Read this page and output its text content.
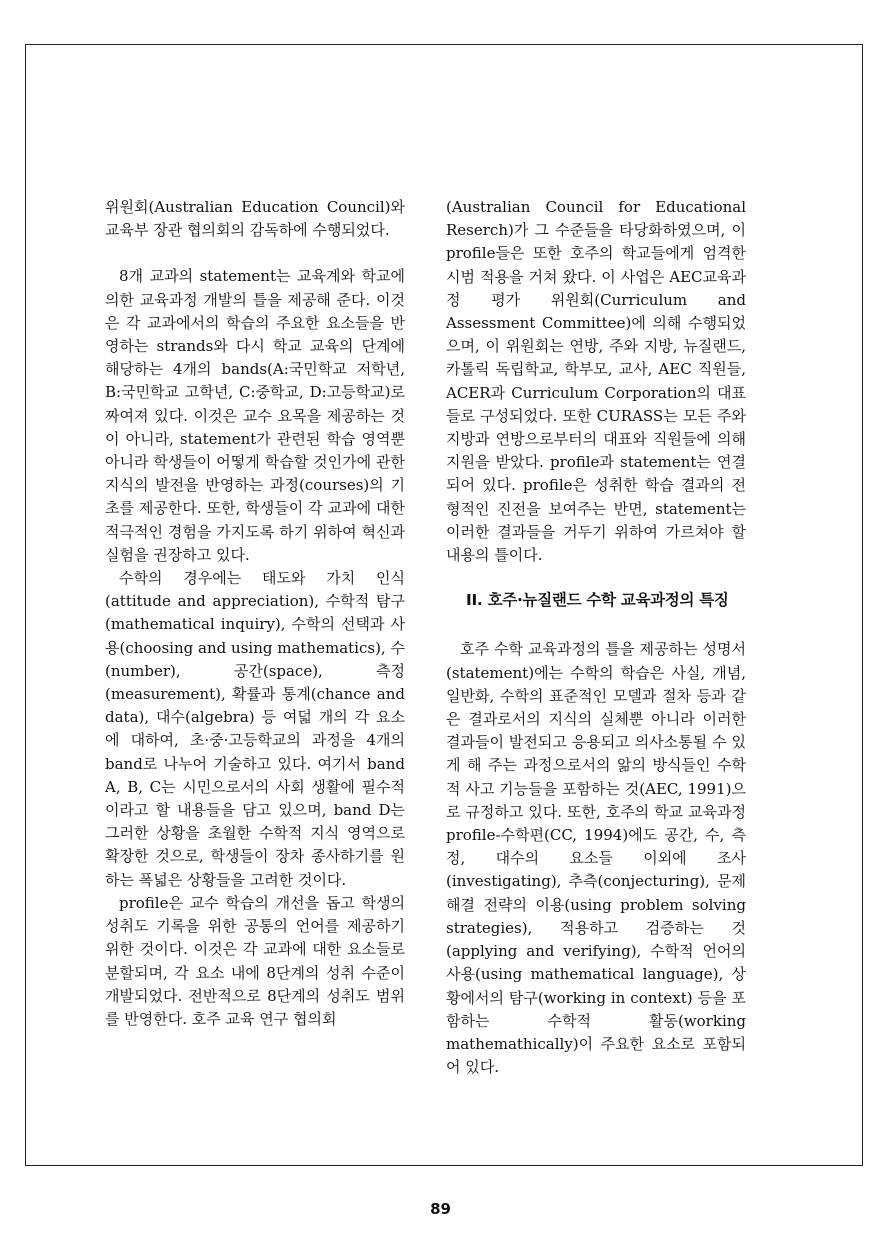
위원회(Australian Education Council)와 교육부 장관 협의회의 감독하에 수행되었다.

8개 교과의 statement는 교육계와 학교에 의한 교육과정 개발의 틀을 제공해 준다. 이것은 각 교과에서의 학습의 주요한 요소들을 반영하는 strands와 다시 학교 교육의 단계에 해당하는 4개의 bands(A:국민학교 저학년, B:국민학교 고학년, C:중학교, D:고등학교)로 짜여져 있다. 이것은 교수 요목을 제공하는 것이 아니라, statement가 관련된 학습 영역뿐 아니라 학생들이 어떻게 학습할 것인가에 관한 지식의 발전을 반영하는 과정(courses)의 기초를 제공한다. 또한, 학생들이 각 교과에 대한 적극적인 경험을 가지도록 하기 위하여 혁신과 실험을 권장하고 있다.

수학의 경우에는 태도와 가치 인식(attitude and appreciation), 수학적 탐구(mathematical inquiry), 수학의 선택과 사용(choosing and using mathematics), 수(number), 공간(space), 측정(measurement), 확률과 통계(chance and data), 대수(algebra) 등 여덟 개의 각 요소에 대하여, 초·중·고등학교의 과정을 4개의 band로 나누어 기술하고 있다. 여기서 band A, B, C는 시민으로서의 사회 생활에 필수적이라고 할 내용들을 담고 있으며, band D는 그러한 상황을 초월한 수학적 지식 영역으로 확장한 것으로, 학생들이 장차 종사하기를 원하는 폭넓은 상황들을 고려한 것이다.

profile은 교수 학습의 개선을 돕고 학생의 성취도 기록을 위한 공통의 언어를 제공하기 위한 것이다. 이것은 각 교과에 대한 요소들로 분할되며, 각 요소 내에 8단계의 성취 수준이 개발되었다. 전반적으로 8단계의 성취도 범위를 반영한다. 호주 교육 연구 협의회

(Australian Council for Educational Reserch)가 그 수준들을 타당화하였으며, 이 profile들은 또한 호주의 학교들에게 엄격한 시범 적용을 거쳐 왔다. 이 사업은 AEC교육과정 평가 위원회(Curriculum and Assessment Committee)에 의해 수행되었으며, 이 위원회는 연방, 주와 지방, 뉴질랜드, 카톨릭 독립학교, 학부모, 교사, AEC 직원들, ACER과 Curriculum Corporation의 대표들로 구성되었다. 또한 CURASS는 모든 주와 지방과 연방으로부터의 대표와 직원들에 의해 지원을 받았다. profile과 statement는 연결되어 있다. profile은 성취한 학습 결과의 전형적인 진전을 보여주는 반면, statement는 이러한 결과들을 거두기 위하여 가르쳐야 할 내용의 틀이다.

II. 호주·뉴질랜드 수학 교육과정의 특징

호주 수학 교육과정의 틀을 제공하는 성명서(statement)에는 수학의 학습은 사실, 개념, 일반화, 수학의 표준적인 모델과 절차 등과 같은 결과로서의 지식의 실체뿐 아니라 이러한 결과들이 발전되고 응용되고 의사소통될 수 있게 해 주는 과정으로서의 앎의 방식들인 수학적 사고 기능들을 포함하는 것(AEC, 1991)으로 규정하고 있다. 또한, 호주의 학교 교육과정 profile-수학편(CC, 1994)에도 공간, 수, 측정, 대수의 요소들 이외에 조사(investigating), 추측(conjecturing), 문제해결 전략의 이용(using problem solving strategies), 적용하고 검증하는 것(applying and verifying), 수학적 언어의 사용(using mathematical language), 상황에서의 탐구(working in context) 등을 포함하는 수학적 활동(working mathemathically)이 주요한 요소로 포함되어 있다.

89
